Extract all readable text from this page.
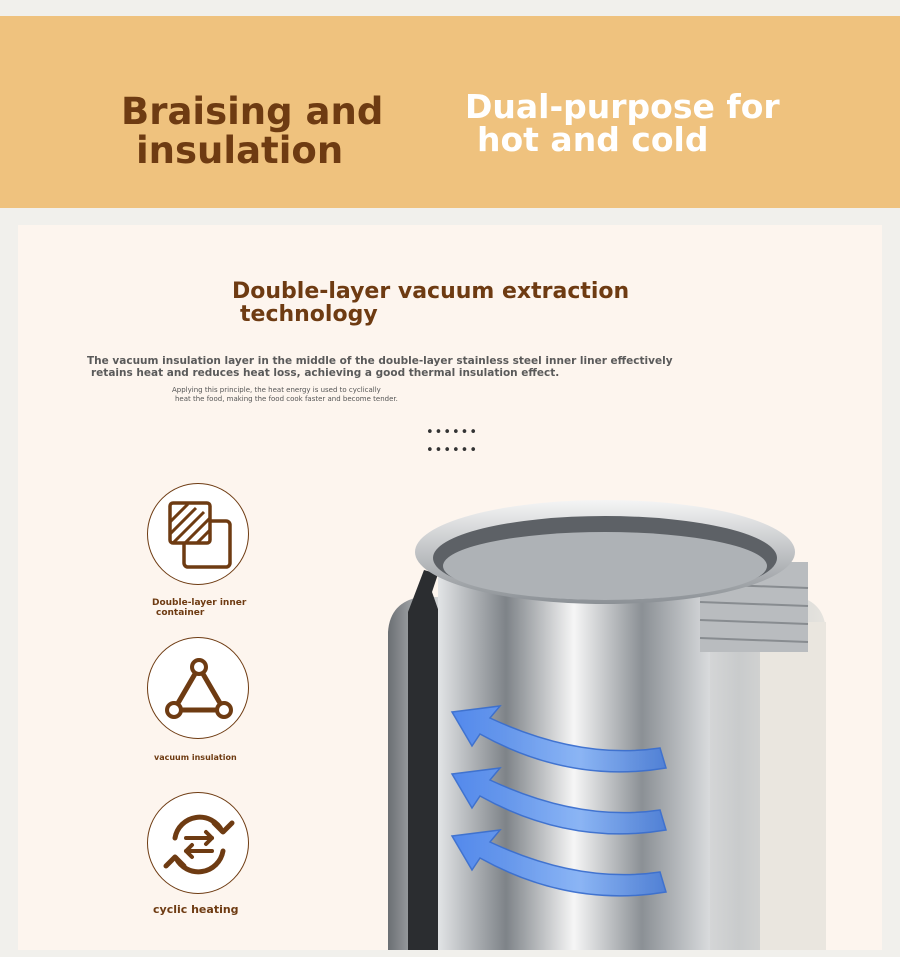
Braising and
insulation
Dual-purpose for
hot and cold
Double-layer vacuum extraction
technology
The vacuum insulation layer in the middle of the double-layer stainless steel inner liner effectively
retains heat and reduces heat loss, achieving a good thermal insulation effect.
Applying this principle, the heat energy is used to cyclically
heat the food, making the food cook faster and become tender.
••••••
••••••
Double-layer inner
container
vacuum insulation
cyclic heating
